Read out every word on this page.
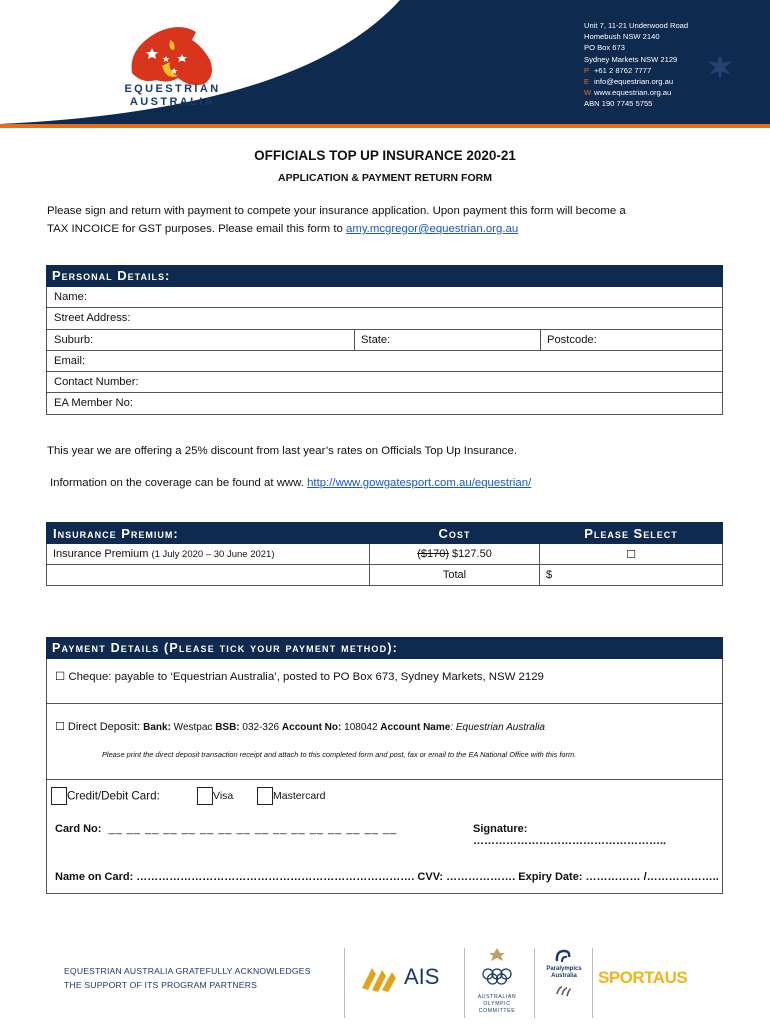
EQUESTRIAN
AUSTRALIA
Unit 7, 11-21 Underwood Road
Homebush NSW 2140
PO Box 673
Sydney Markets NSW 2129
P +61 2 8762 7777
E info@equestrian.org.au
W www.equestrian.org.au
ABN 190 7745 5755
OFFICIALS TOP UP INSURANCE 2020-21
APPLICATION & PAYMENT RETURN FORM
Please sign and return with payment to compete your insurance application. Upon payment this form will become a
TAX INCOICE for GST purposes. Please email this form to amy.mcgregor@equestrian.org.au
Personal Details:
Name:
Street Address:
Suburb:	State:	Postcode:
Email:
Contact Number:
EA Member No:
This year we are offering a 25% discount from last year’s rates on Officials Top Up Insurance.
Information on the coverage can be found at www. http://www.gowgatesport.com.au/equestrian/
Insurance Premium:	Cost	Please Select
Insurance Premium (1 July 2020 – 30 June 2021)	($170) $127.50	☐
	Total	$
Payment Details (Please tick your payment method):
☐ Cheque: payable to ‘Equestrian Australia’, posted to PO Box 673, Sydney Markets, NSW 2129
☐ Direct Deposit: Bank: Westpac BSB: 032-326 Account No: 108042 Account Name: Equestrian Australia
Please print the direct deposit transaction receipt and attach to this completed form and post, fax or email to the EA National Office with this form.
Credit/Debit Card:	Visa	Mastercard
Card No: __ __ __ __ __ __ __ __ __ __ __ __ __ __ __ __	Signature: ……………………………………………..
Name on Card: …………………………………………………………………. CVV: ………………. Expiry Date: …………… /………………..
EQUESTRIAN AUSTRALIA GRATEFULLY ACKNOWLEDGES
THE SUPPORT OF ITS PROGRAM PARTNERS	AIS
AUSTRALIAN
OLYMPIC
COMMITTEE
Paralympics
Australia	SPORTAUS
